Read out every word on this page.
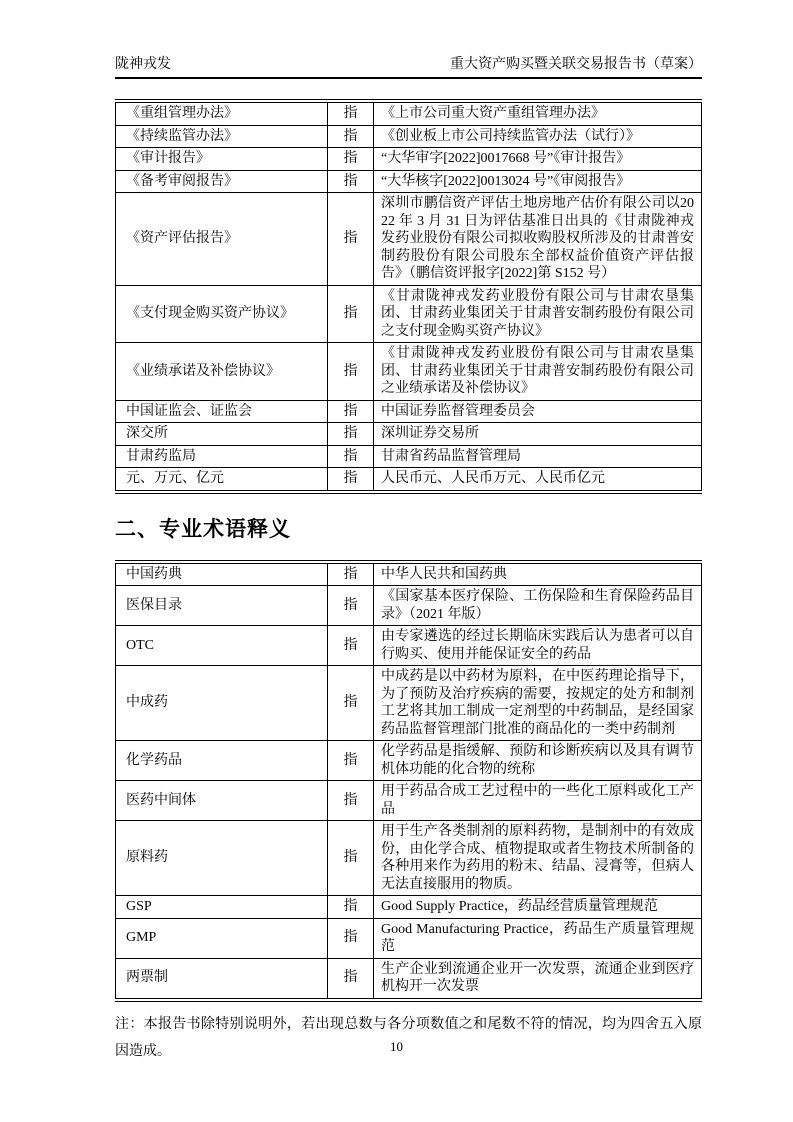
陇神戎发	重大资产购买暨关联交易报告书（草案）
《重组管理办法》	指	《上市公司重大资产重组管理办法》
《持续监管办法》	指	《创业板上市公司持续监管办法（试行）》
《审计报告》	指	“大华审字[2022]0017668 号”《审计报告》
《备考审阅报告》	指	“大华核字[2022]0013024 号”《审阅报告》
《资产评估报告》	指	深圳市鹏信资产评估土地房地产估价有限公司以2022 年 3 月 31 日为评估基准日出具的《甘肃陇神戎发药业股份有限公司拟收购股权所涉及的甘肃普安制药股份有限公司股东全部权益价值资产评估报告》（鹏信资评报字[2022]第 S152 号）
《支付现金购买资产协议》	指	《甘肃陇神戎发药业股份有限公司与甘肃农垦集团、甘肃药业集团关于甘肃普安制药股份有限公司之支付现金购买资产协议》
《业绩承诺及补偿协议》	指	《甘肃陇神戎发药业股份有限公司与甘肃农垦集团、甘肃药业集团关于甘肃普安制药股份有限公司之业绩承诺及补偿协议》
中国证监会、证监会	指	中国证券监督管理委员会
深交所	指	深圳证券交易所
甘肃药监局	指	甘肃省药品监督管理局
元、万元、亿元	指	人民币元、人民币万元、人民币亿元
二、专业术语释义
中国药典	指	中华人民共和国药典
医保目录	指	《国家基本医疗保险、工伤保险和生育保险药品目录》（2021 年版）
OTC	指	由专家遴选的经过长期临床实践后认为患者可以自行购买、使用并能保证安全的药品
中成药	指	中成药是以中药材为原料，在中医药理论指导下，为了预防及治疗疾病的需要，按规定的处方和制剂工艺将其加工制成一定剂型的中药制品，是经国家药品监督管理部门批准的商品化的一类中药制剂
化学药品	指	化学药品是指缓解、预防和诊断疾病以及具有调节机体功能的化合物的统称
医药中间体	指	用于药品合成工艺过程中的一些化工原料或化工产品
原料药	指	用于生产各类制剂的原料药物，是制剂中的有效成份，由化学合成、植物提取或者生物技术所制备的各种用来作为药用的粉末、结晶、浸膏等，但病人无法直接服用的物质。
GSP	指	Good Supply Practice，药品经营质量管理规范
GMP	指	Good Manufacturing Practice，药品生产质量管理规范
两票制	指	生产企业到流通企业开一次发票，流通企业到医疗机构开一次发票

注：本报告书除特别说明外，若出现总数与各分项数值之和尾数不符的情况，均为四舍五入原因造成。	10
